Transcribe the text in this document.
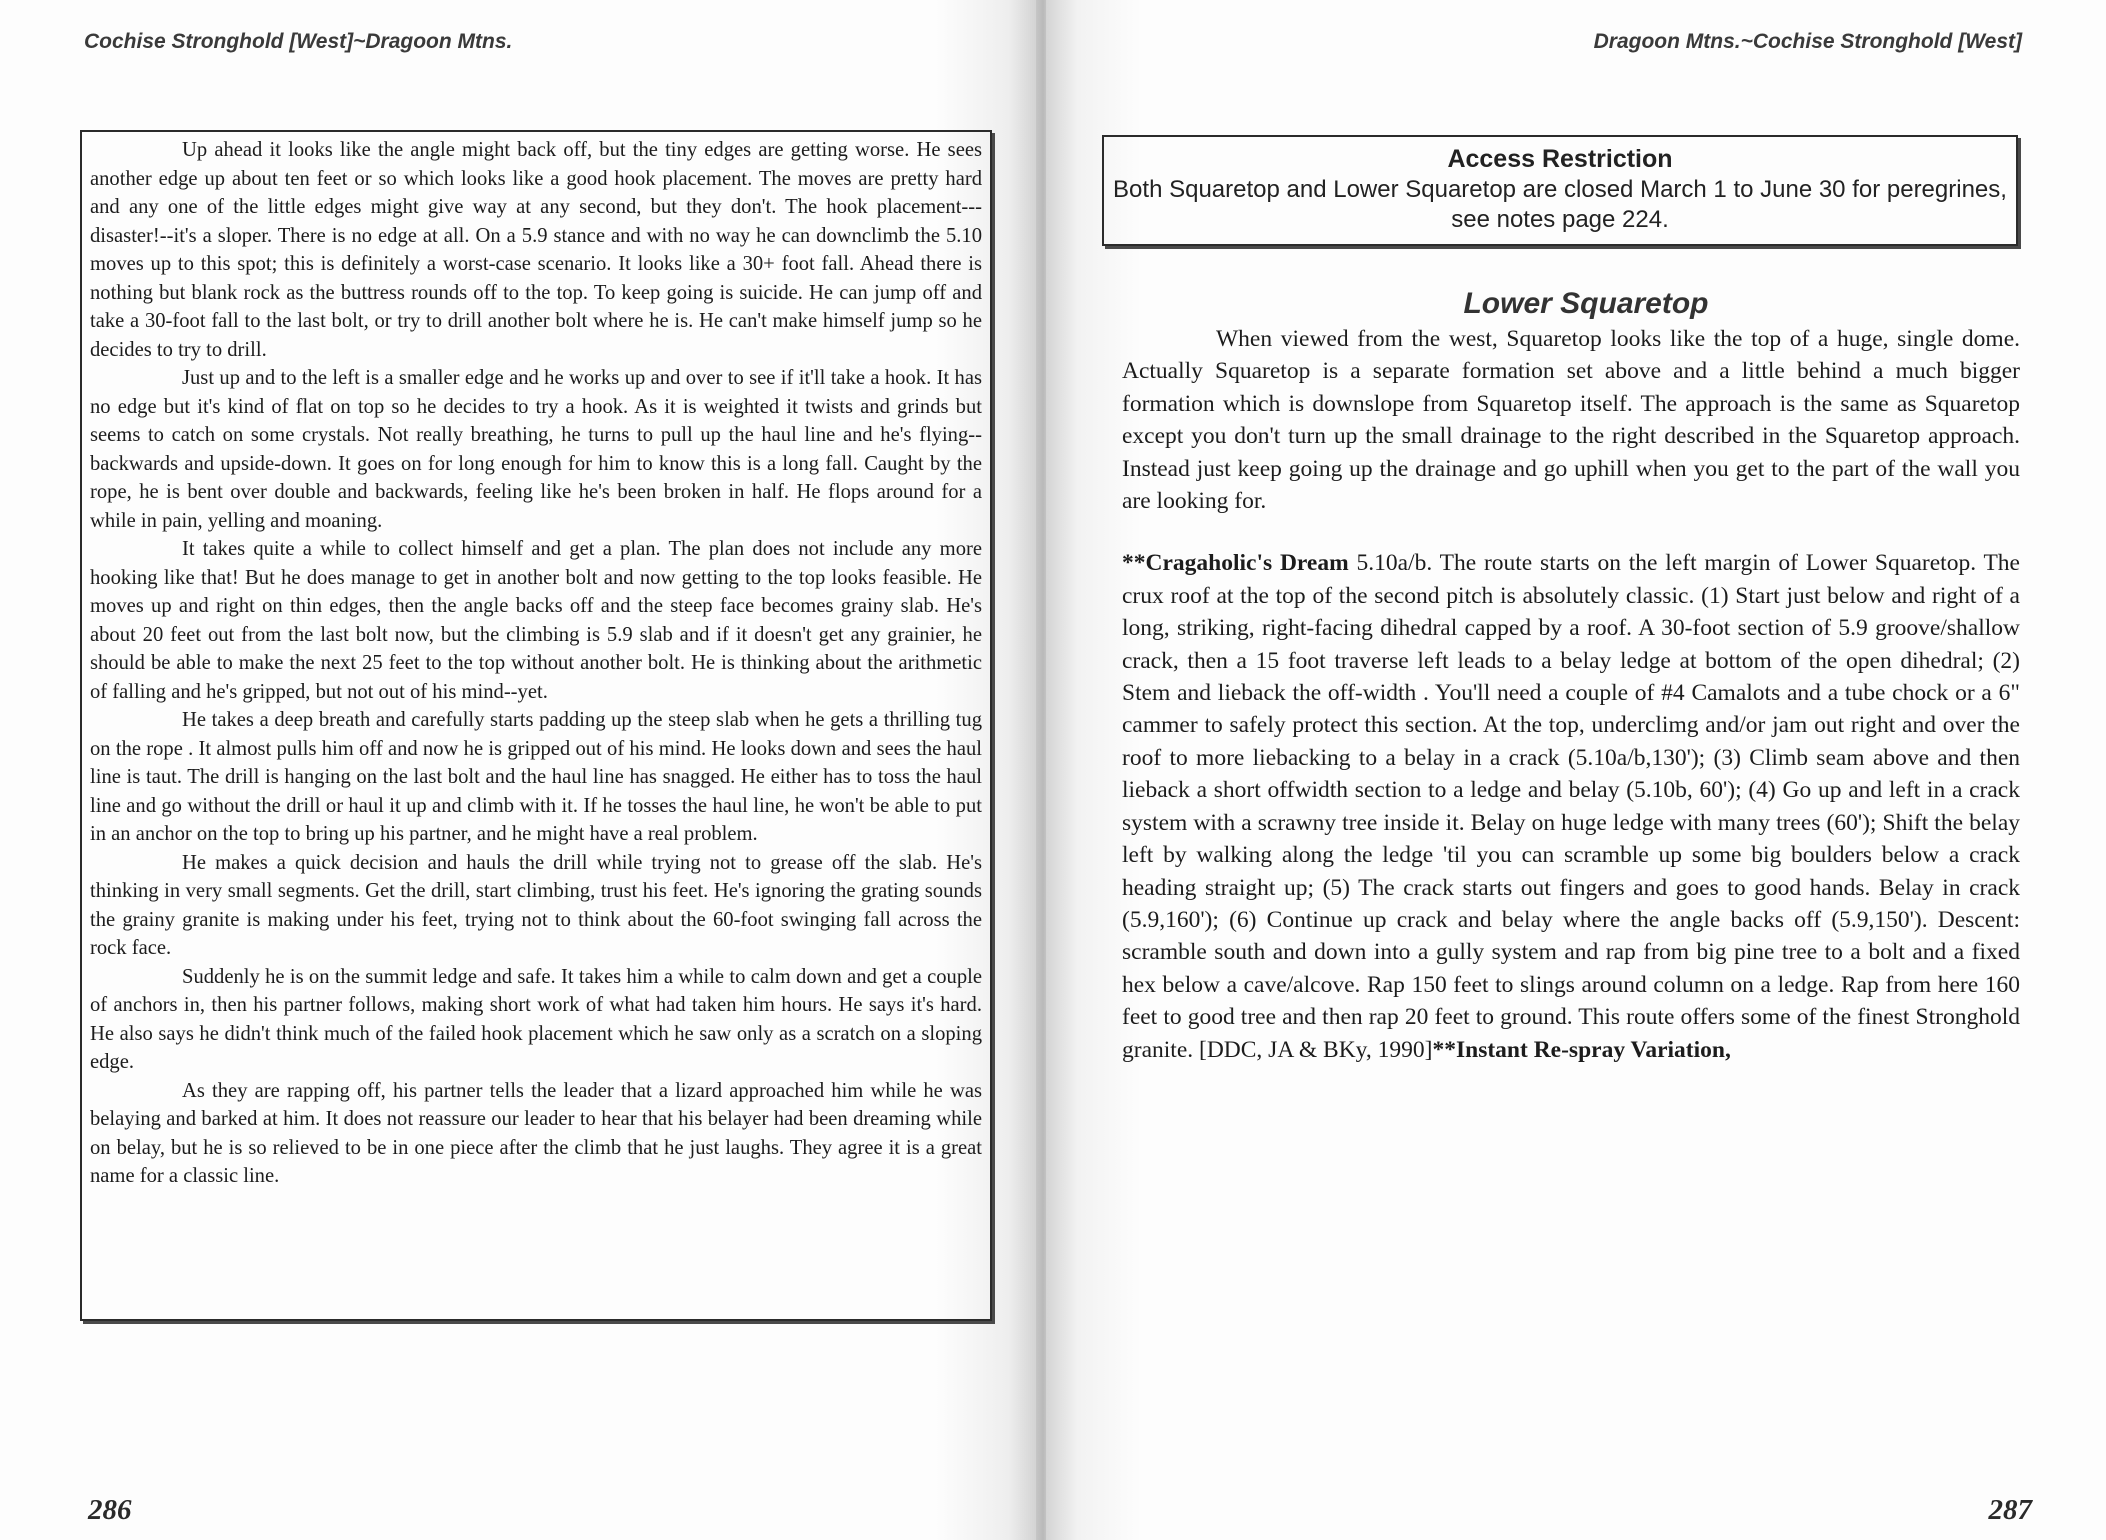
Cochise Stronghold [West]~Dragoon Mtns.

Up ahead it looks like the angle might back off, but the tiny edges are getting worse. He sees another edge up about ten feet or so which looks like a good hook placement. The moves are pretty hard and any one of the little edges might give way at any second, but they don't. The hook placement--- disaster!--it's a sloper. There is no edge at all. On a 5.9 stance and with no way he can downclimb the 5.10 moves up to this spot; this is definitely a worst-case scenario. It looks like a 30+ foot fall. Ahead there is nothing but blank rock as the buttress rounds off to the top. To keep going is suicide. He can jump off and take a 30-foot fall to the last bolt, or try to drill another bolt where he is. He can't make himself jump so he decides to try to drill.

Just up and to the left is a smaller edge and he works up and over to see if it'll take a hook. It has no edge but it's kind of flat on top so he decides to try a hook. As it is weighted it twists and grinds but seems to catch on some crystals. Not really breathing, he turns to pull up the haul line and he's flying--backwards and upside-down. It goes on for long enough for him to know this is a long fall. Caught by the rope, he is bent over double and backwards, feeling like he's been broken in half. He flops around for a while in pain, yelling and moaning.

It takes quite a while to collect himself and get a plan. The plan does not include any more hooking like that! But he does manage to get in another bolt and now getting to the top looks feasible. He moves up and right on thin edges, then the angle backs off and the steep face becomes grainy slab. He's about 20 feet out from the last bolt now, but the climbing is 5.9 slab and if it doesn't get any grainier, he should be able to make the next 25 feet to the top without another bolt. He is thinking about the arithmetic of falling and he's gripped, but not out of his mind--yet.

He takes a deep breath and carefully starts padding up the steep slab when he gets a thrilling tug on the rope . It almost pulls him off and now he is gripped out of his mind. He looks down and sees the haul line is taut. The drill is hanging on the last bolt and the haul line has snagged. He either has to toss the haul line and go without the drill or haul it up and climb with it. If he tosses the haul line, he won't be able to put in an anchor on the top to bring up his partner, and he might have a real problem.

He makes a quick decision and hauls the drill while trying not to grease off the slab. He's thinking in very small segments. Get the drill, start climbing, trust his feet. He's ignoring the grating sounds the grainy granite is making under his feet, trying not to think about the 60-foot swinging fall across the rock face.

Suddenly he is on the summit ledge and safe. It takes him a while to calm down and get a couple of anchors in, then his partner follows, making short work of what had taken him hours. He says it's hard. He also says he didn't think much of the failed hook placement which he saw only as a scratch on a sloping edge.

As they are rapping off, his partner tells the leader that a lizard approached him while he was belaying and barked at him. It does not reassure our leader to hear that his belayer had been dreaming while on belay, but he is so relieved to be in one piece after the climb that he just laughs. They agree it is a great name for a classic line.

286
Dragoon Mtns.~Cochise Stronghold [West]
Access Restriction
Both Squaretop and Lower Squaretop are closed March 1 to June 30 for peregrines, see notes page 224.
Lower Squaretop

When viewed from the west, Squaretop looks like the top of a huge, single dome. Actually Squaretop is a separate formation set above and a little behind a much bigger formation which is downslope from Squaretop itself. The approach is the same as Squaretop except you don't turn up the small drainage to the right described in the Squaretop approach. Instead just keep going up the drainage and go uphill when you get to the part of the wall you are looking for.

**Cragaholic's Dream 5.10a/b. The route starts on the left margin of Lower Squaretop. The crux roof at the top of the second pitch is absolutely classic. (1) Start just below and right of a long, striking, right-facing dihedral capped by a roof. A 30-foot section of 5.9 groove/shallow crack, then a 15 foot traverse left leads to a belay ledge at bottom of the open dihedral; (2) Stem and lieback the off-width . You'll need a couple of #4 Camalots and a tube chock or a 6" cammer to safely protect this section. At the top, underclimg and/or jam out right and over the roof to more liebacking to a belay in a crack (5.10a/b,130'); (3) Climb seam above and then lieback a short offwidth section to a ledge and belay (5.10b, 60'); (4) Go up and left in a crack system with a scrawny tree inside it. Belay on huge ledge with many trees (60'); Shift the belay left by walking along the ledge 'til you can scramble up some big boulders below a crack heading straight up; (5) The crack starts out fingers and goes to good hands. Belay in crack (5.9,160'); (6) Continue up crack and belay where the angle backs off (5.9,150'). Descent: scramble south and down into a gully system and rap from big pine tree to a bolt and a fixed hex below a cave/alcove. Rap 150 feet to slings around column on a ledge. Rap from here 160 feet to good tree and then rap 20 feet to ground. This route offers some of the finest Stronghold granite. [DDC, JA & BKy, 1990]**Instant Re-spray Variation,

287
